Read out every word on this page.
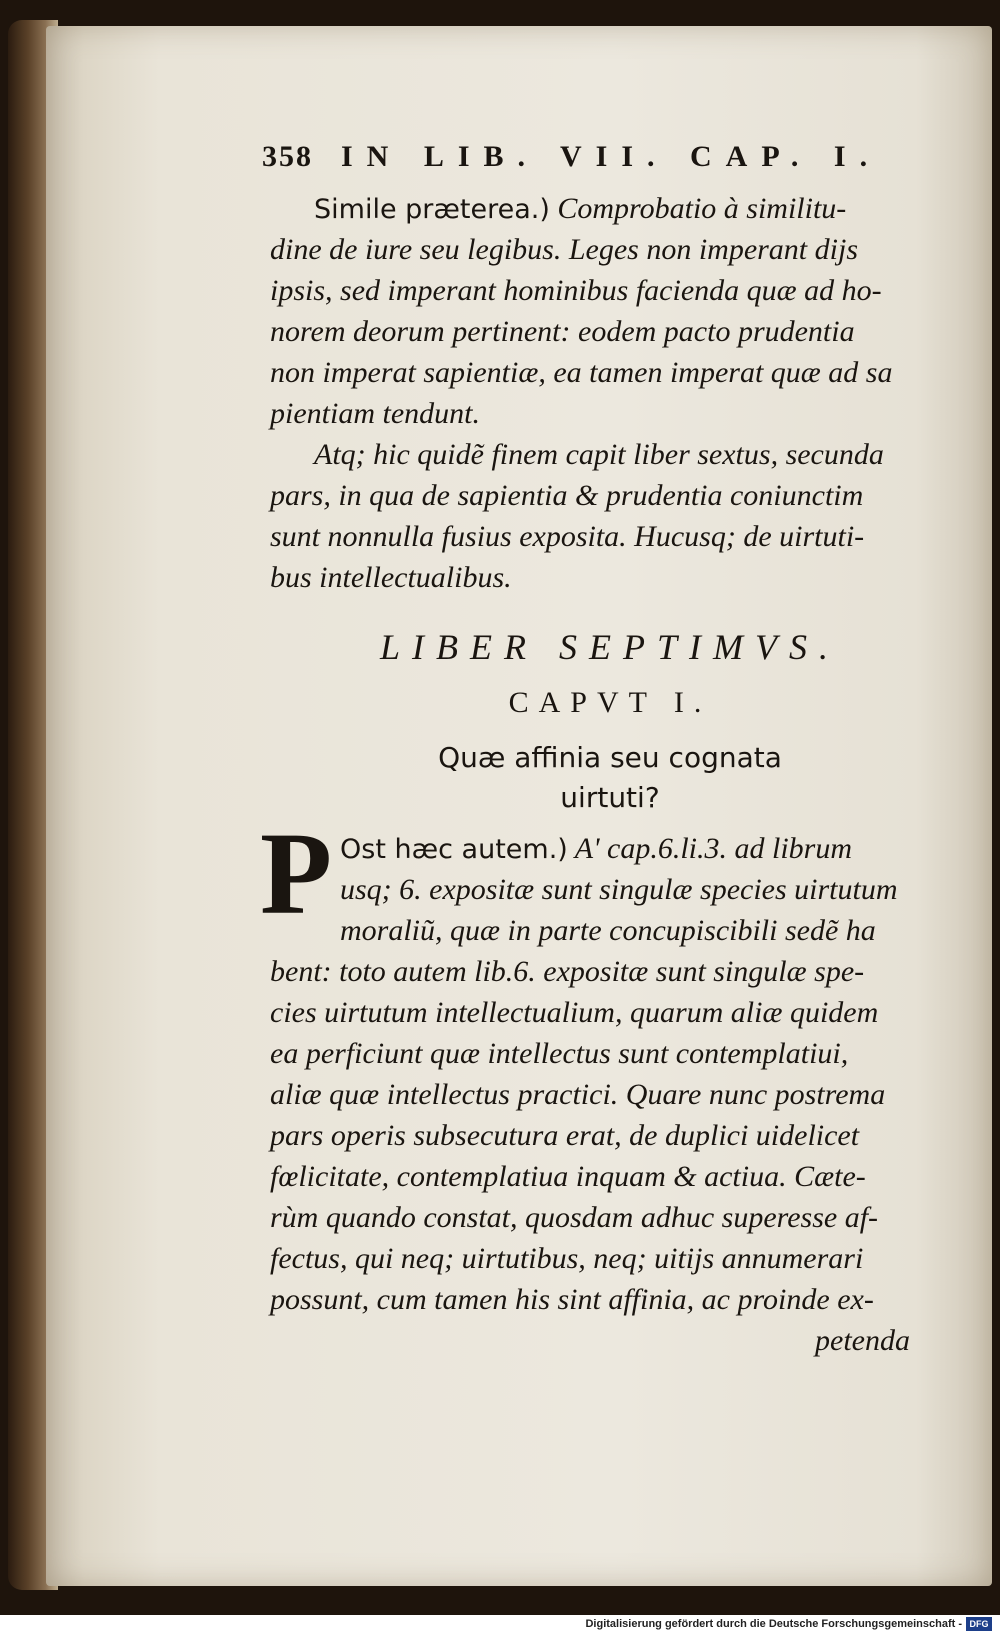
358 IN LIB. VII. CAP. I.
Simile præterea.) Comprobatio à similitu-
dine de iure seu legibus. Leges non imperant dijs
ipsis, sed imperant hominibus facienda quæ ad ho-
norem deorum pertinent: eodem pacto prudentia
non imperat sapientiæ, ea tamen imperat quæ ad sa
pientiam tendunt.
Atq; hic quidẽ finem capit liber sextus, secunda
pars, in qua de sapientia & prudentia coniunctim
sunt nonnulla fusius exposita. Hucusq; de uirtuti-
bus intellectualibus.
LIBER SEPTIMVS.
CAPVT I.
Quæ affinia seu cognata
uirtuti?
P Ost hæc autem.) A' cap.6.li.3. ad librum
usq; 6. expositæ sunt singulæ species uirtutum
moraliũ, quæ in parte concupiscibili sedẽ ha
bent: toto autem lib.6. expositæ sunt singulæ spe-
cies uirtutum intellectualium, quarum aliæ quidem
ea perficiunt quæ intellectus sunt contemplatiui,
aliæ quæ intellectus practici. Quare nunc postrema
pars operis subsecutura erat, de duplici uidelicet
fœlicitate, contemplatiua inquam & actiua. Cæte-
rùm quando constat, quosdam adhuc superesse af-
fectus, qui neq; uirtutibus, neq; uitijs annumerari
possunt, cum tamen his sint affinia, ac proinde ex-
petenda
Digitalisierung gefördert durch die Deutsche Forschungsgemeinschaft - DFG
